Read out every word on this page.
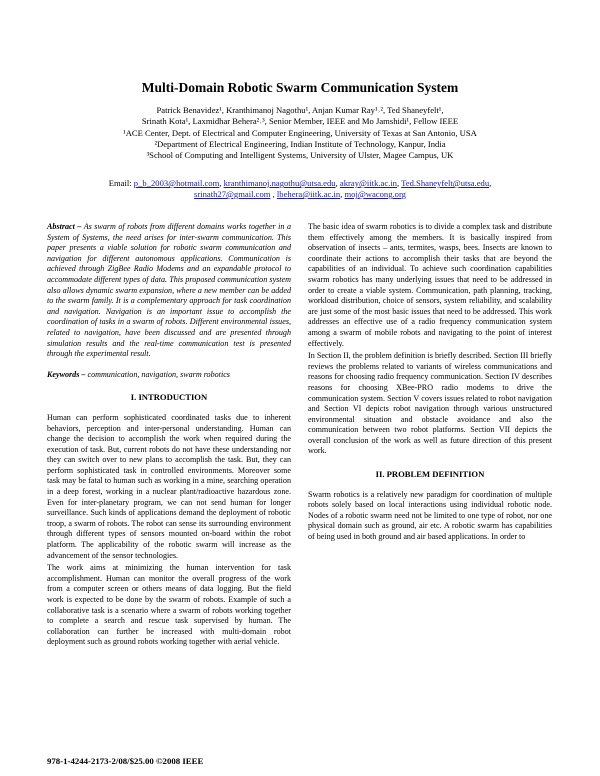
Multi-Domain Robotic Swarm Communication System

Patrick Benavidez¹, Kranthimanoj Nagothu¹, Anjan Kumar Ray¹˒², Ted Shaneyfelt¹,

Srinath Kota¹, Laxmidhar Behera²˒³, Senior Member, IEEE and Mo Jamshidi¹, Fellow IEEE

¹ACE Center, Dept. of Electrical and Computer Engineering, University of Texas at San Antonio, USA

²Department of Electrical Engineering, Indian Institute of Technology, Kanpur, India

³School of Computing and Intelligent Systems, University of Ulster, Magee Campus, UK

Email: p_b_2003@hotmail.com, kranthimanoj.nagothu@utsa.edu, akray@iitk.ac.in, Ted.Shaneyfelt@utsa.edu,

srinath27@gmail.com , lbehera@iitk.ac.in, moj@wacong.org

Abstract – As swarm of robots from different domains works together in a System of Systems, the need arises for inter-swarm communication. This paper presents a viable solution for robotic swarm communication and navigation for different autonomous applications. Communication is achieved through ZigBee Radio Modems and an expandable protocol to accommodate different types of data. This proposed communication system also allows dynamic swarm expansion, where a new member can be added to the swarm family. It is a complementary approach for task coordination and navigation. Navigation is an important issue to accomplish the coordination of tasks in a swarm of robots. Different environmental issues, related to navigation, have been discussed and are presented through simulation results and the real-time communication test is presented through the experimental result.

Keywords – communication, navigation, swarm robotics

I. INTRODUCTION

Human can perform sophisticated coordinated tasks due to inherent behaviors, perception and inter-personal understanding. Human can change the decision to accomplish the work when required during the execution of task. But, current robots do not have these understanding nor they can switch over to new plans to accomplish the task. But, they can perform sophisticated task in controlled environments. Moreover some task may be fatal to human such as working in a mine, searching operation in a deep forest, working in a nuclear plant/radioactive hazardous zone. Even for inter-planetary program, we can not send human for longer surveillance. Such kinds of applications demand the deployment of robotic troop, a swarm of robots. The robot can sense its surrounding environment through different types of sensors mounted on-board within the robot platform. The applicability of the robotic swarm will increase as the advancement of the sensor technologies.

The work aims at minimizing the human intervention for task accomplishment. Human can monitor the overall progress of the work from a computer screen or others means of data logging. But the field work is expected to be done by the swarm of robots. Example of such a collaborative task is a scenario where a swarm of robots working together to complete a search and rescue task supervised by human. The collaboration can further be increased with multi-domain robot deployment such as ground robots working together with aerial vehicle.

The basic idea of swarm robotics is to divide a complex task and distribute them effectively among the members. It is basically inspired from observation of insects – ants, termites, wasps, bees. Insects are known to coordinate their actions to accomplish their tasks that are beyond the capabilities of an individual. To achieve such coordination capabilities swarm robotics has many underlying issues that need to be addressed in order to create a viable system. Communication, path planning, tracking, workload distribution, choice of sensors, system reliability, and scalability are just some of the most basic issues that need to be addressed. This work addresses an effective use of a radio frequency communication system among a swarm of mobile robots and navigating to the point of interest effectively.

In Section II, the problem definition is briefly described. Section III briefly reviews the problems related to variants of wireless communications and reasons for choosing radio frequency communication. Section IV describes reasons for choosing XBee-PRO radio modems to drive the communication system. Section V covers issues related to robot navigation and Section VI depicts robot navigation through various unstructured environmental situation and obstacle avoidance and also the communication between two robot platforms. Section VII depicts the overall conclusion of the work as well as future direction of this present work.

II. PROBLEM DEFINITION

Swarm robotics is a relatively new paradigm for coordination of multiple robots solely based on local interactions using individual robotic node. Nodes of a robotic swarm need not be limited to one type of robot, nor one physical domain such as ground, air etc. A robotic swarm has capabilities of being used in both ground and air based applications. In order to

978-1-4244-2173-2/08/$25.00 ©2008 IEEE
